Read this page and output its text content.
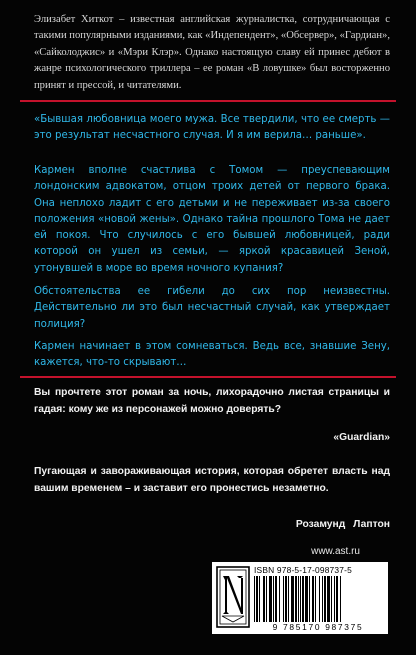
Элизабет Хиткот – известная английская журналистка, сотрудничающая с такими популярными изданиями, как «Индепендент», «Обсервер», «Гардиан», «Сайколоджис» и «Мэри Клэр». Однако настоящую славу ей принес дебют в жанре психологического триллера – ее роман «В ловушке» был восторженно принят и прессой, и читателями.

«Бывшая любовница моего мужа. Все твердили, что ее смерть — это результат несчастного случая. И я им верила… раньше».

Кармен вполне счастлива с Томом — преуспевающим лондонским адвокатом, отцом троих детей от первого брака. Она неплохо ладит с его детьми и не переживает из-за своего положения «новой жены». Однако тайна прошлого Тома не дает ей покоя. Что случилось с его бывшей любовницей, ради которой он ушел из семьи, — яркой красавицей Зеной, утонувшей в море во время ночного купания?

Обстоятельства ее гибели до сих пор неизвестны. Действительно ли это был несчастный случай, как утверждает полиция?

Кармен начинает в этом сомневаться. Ведь все, знавшие Зену, кажется, что-то скрывают…

Вы прочтете этот роман за ночь, лихорадочно листая страницы и гадая: кому же из персонажей можно доверять?

«Guardian»

Пугающая и завораживающая история, которая обретет власть над вашим временем – и заставит его пронестись незаметно.

Розамунд Лаптон
www.ast.ru
ISBN 978-5-17-098737-5
9 785170 987375
